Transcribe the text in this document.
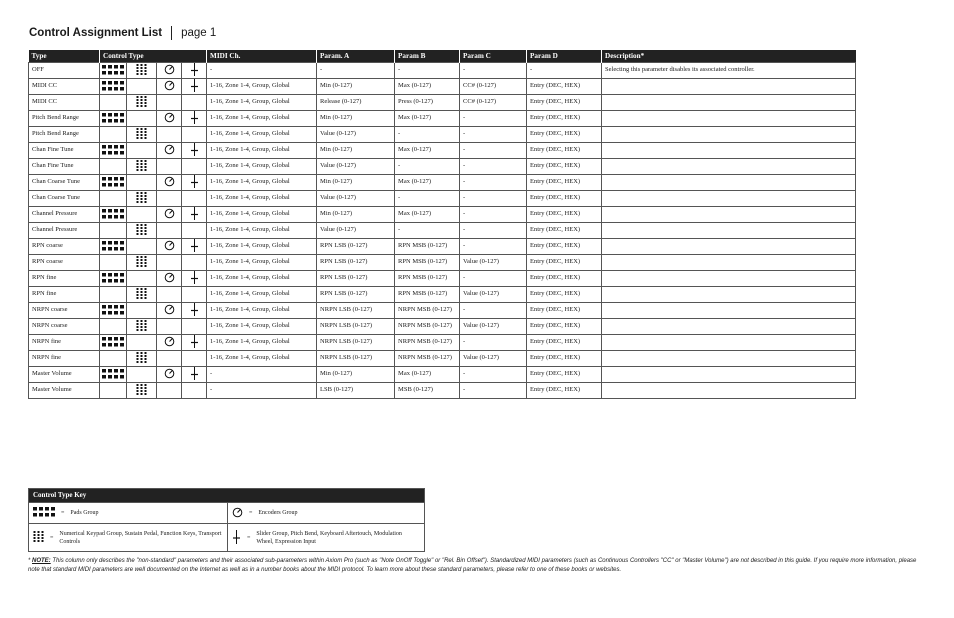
Control Assignment List page 1
Type	Control Type				MIDI Ch.	Param. A	Param B	Param C	Param D	Description*
OFF					-	-	-	-	-	Selecting this parameter disables its associated controller.
MIDI CC					1-16, Zone 1-4, Group, Global	Min (0-127)	Max (0-127)	CC# (0-127)	Entry (DEC, HEX)	
MIDI CC					1-16, Zone 1-4, Group, Global	Release (0-127)	Press (0-127)	CC# (0-127)	Entry (DEC, HEX)	
Pitch Bend Range					1-16, Zone 1-4, Group, Global	Min (0-127)	Max (0-127)	-	Entry (DEC, HEX)	
Pitch Bend Range					1-16, Zone 1-4, Group, Global	Value (0-127)	-	-	Entry (DEC, HEX)	
Chan Fine Tune					1-16, Zone 1-4, Group, Global	Min (0-127)	Max (0-127)	-	Entry (DEC, HEX)	
Chan Fine Tune					1-16, Zone 1-4, Group, Global	Value (0-127)	-	-	Entry (DEC, HEX)	
Chan Coarse Tune					1-16, Zone 1-4, Group, Global	Min (0-127)	Max (0-127)	-	Entry (DEC, HEX)	
Chan Coarse Tune					1-16, Zone 1-4, Group, Global	Value (0-127)	-	-	Entry (DEC, HEX)	
Channel Pressure					1-16, Zone 1-4, Group, Global	Min (0-127)	Max (0-127)	-	Entry (DEC, HEX)	
Channel Pressure					1-16, Zone 1-4, Group, Global	Value (0-127)	-	-	Entry (DEC, HEX)	
RPN coarse					1-16, Zone 1-4, Group, Global	RPN LSB (0-127)	RPN MSB (0-127)	-	Entry (DEC, HEX)	
RPN coarse					1-16, Zone 1-4, Group, Global	RPN LSB (0-127)	RPN MSB (0-127)	Value (0-127)	Entry (DEC, HEX)	
RPN fine					1-16, Zone 1-4, Group, Global	RPN LSB (0-127)	RPN MSB (0-127)	-	Entry (DEC, HEX)	
RPN fine					1-16, Zone 1-4, Group, Global	RPN LSB (0-127)	RPN MSB (0-127)	Value (0-127)	Entry (DEC, HEX)	
NRPN coarse					1-16, Zone 1-4, Group, Global	NRPN LSB (0-127)	NRPN MSB (0-127)	-	Entry (DEC, HEX)	
NRPN coarse					1-16, Zone 1-4, Group, Global	NRPN LSB (0-127)	NRPN MSB (0-127)	Value (0-127)	Entry (DEC, HEX)	
NRPN fine					1-16, Zone 1-4, Group, Global	NRPN LSB (0-127)	NRPN MSB (0-127)	-	Entry (DEC, HEX)	
NRPN fine					1-16, Zone 1-4, Group, Global	NRPN LSB (0-127)	NRPN MSB (0-127)	Value (0-127)	Entry (DEC, HEX)	
Master Volume					-	Min (0-127)	Max (0-127)	-	Entry (DEC, HEX)	
Master Volume					-	LSB (0-127)	MSB (0-127)	-	Entry (DEC, HEX)	
Control Type Key
= Pads Group	= Encoders Group
=
Numerical Keypad Group, Sustain Pedal, Function Keys, Transport Controls
=
Slider Group, Pitch Bend, Keyboard Aftertouch, Modulation Wheel, Expression Input
* NOTE: This column only describes the "non-standard" parameters and their associated sub-parameters within Axiom Pro (such as "Note OnOff Toggle" or "Rel. Bin Offset"). Standardized MIDI parameters (such as Continuous Controllers "CC" or "Master Volume") are not described in this guide. If you require more information, please note that standard MIDI parameters are well documented on the Internet as well as in a number books about the MIDI protocol. To learn more about these standard parameters, please refer to one of these books or websites.
